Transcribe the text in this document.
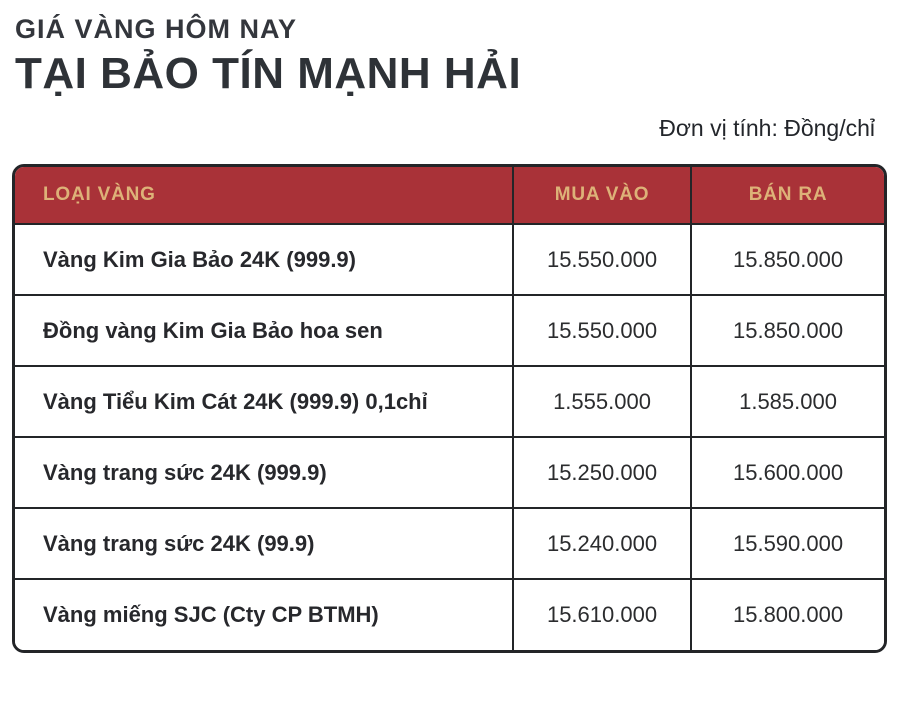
GIÁ VÀNG HÔM NAY
TẠI BẢO TÍN MẠNH HẢI
Đơn vị tính: Đồng/chỉ
LOẠI VÀNG	MUA VÀO	BÁN RA
Vàng Kim Gia Bảo 24K (999.9)	15.550.000	15.850.000
Đồng vàng Kim Gia Bảo hoa sen	15.550.000	15.850.000
Vàng Tiểu Kim Cát 24K (999.9) 0,1chỉ	1.555.000	1.585.000
Vàng trang sức 24K (999.9)	15.250.000	15.600.000
Vàng trang sức 24K (99.9)	15.240.000	15.590.000
Vàng miếng SJC (Cty CP BTMH)	15.610.000	15.800.000
